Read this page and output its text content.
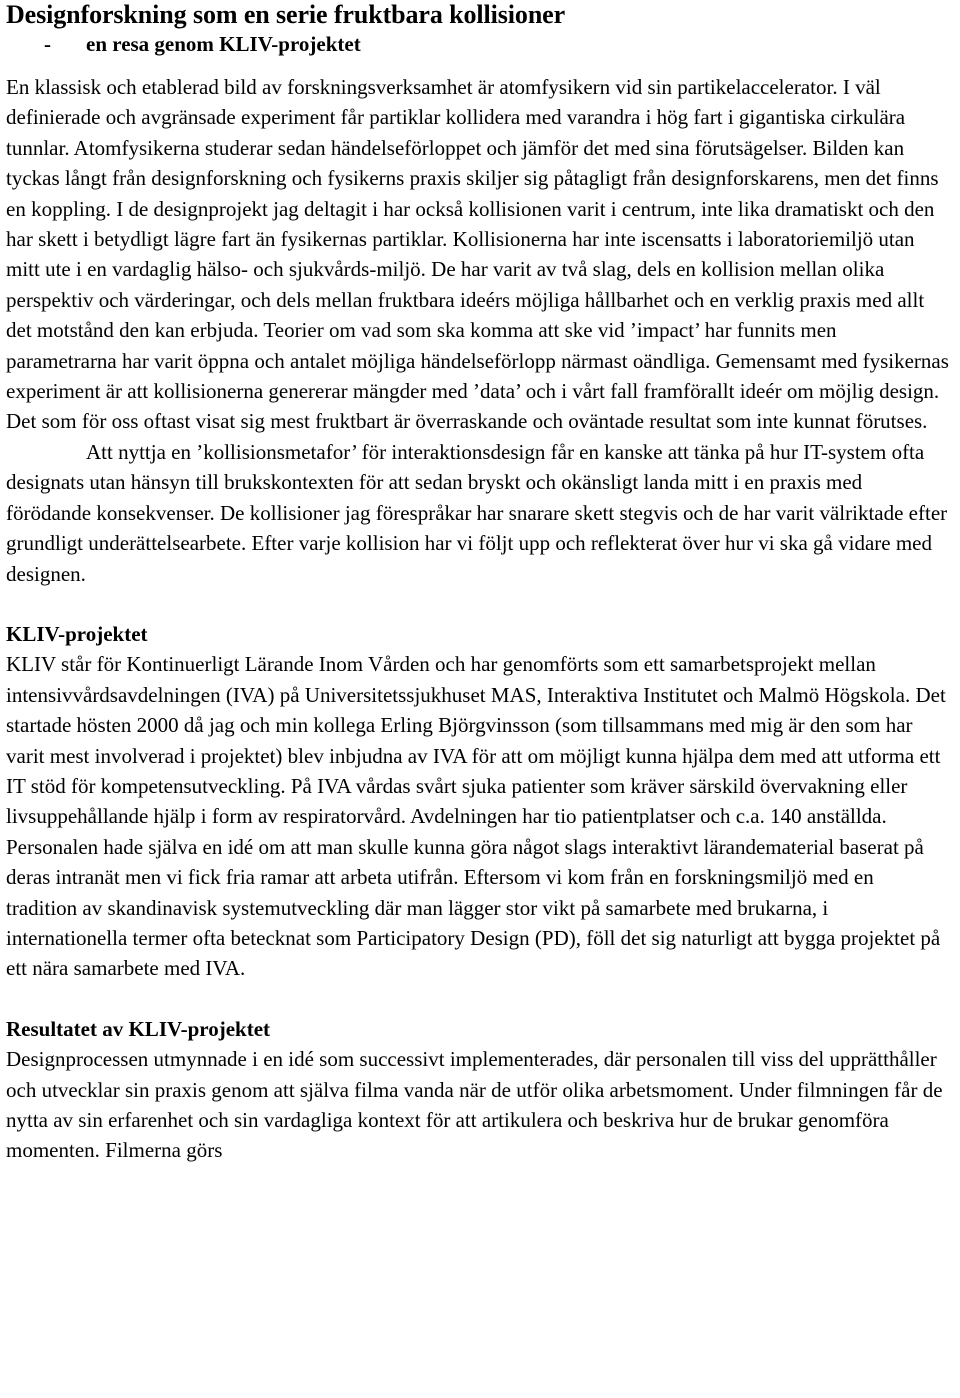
Designforskning som en serie fruktbara kollisioner
- en resa genom KLIV-projektet

En klassisk och etablerad bild av forskningsverksamhet är atomfysikern vid sin partikelaccelerator. I väl definierade och avgränsade experiment får partiklar kollidera med varandra i hög fart i gigantiska cirkulära tunnlar. Atomfysikerna studerar sedan händelseförloppet och jämför det med sina förutsägelser. Bilden kan tyckas långt från designforskning och fysikerns praxis skiljer sig påtagligt från designforskarens, men det finns en koppling. I de designprojekt jag deltagit i har också kollisionen varit i centrum, inte lika dramatiskt och den har skett i betydligt lägre fart än fysikernas partiklar. Kollisionerna har inte iscensatts i laboratoriemiljö utan mitt ute i en vardaglig hälso- och sjukvårds-miljö. De har varit av två slag, dels en kollision mellan olika perspektiv och värderingar, och dels mellan fruktbara ideérs möjliga hållbarhet och en verklig praxis med allt det motstånd den kan erbjuda. Teorier om vad som ska komma att ske vid ’impact’ har funnits men parametrarna har varit öppna och antalet möjliga händelseförlopp närmast oändliga. Gemensamt med fysikernas experiment är att kollisionerna genererar mängder med ’data’ och i vårt fall framförallt ideér om möjlig design. Det som för oss oftast visat sig mest fruktbart är överraskande och oväntade resultat som inte kunnat förutses.

Att nyttja en ’kollisionsmetafor’ för interaktionsdesign får en kanske att tänka på hur IT-system ofta designats utan hänsyn till brukskontexten för att sedan bryskt och okänsligt landa mitt i en praxis med förödande konsekvenser. De kollisioner jag förespråkar har snarare skett stegvis och de har varit välriktade efter grundligt underättelsearbete. Efter varje kollision har vi följt upp och reflekterat över hur vi ska gå vidare med designen.

KLIV-projektet

KLIV står för Kontinuerligt Lärande Inom Vården och har genomförts som ett samarbetsprojekt mellan intensivvårdsavdelningen (IVA) på Universitetssjukhuset MAS, Interaktiva Institutet och Malmö Högskola. Det startade hösten 2000 då jag och min kollega Erling Björgvinsson (som tillsammans med mig är den som har varit mest involverad i projektet) blev inbjudna av IVA för att om möjligt kunna hjälpa dem med att utforma ett IT stöd för kompetensutveckling. På IVA vårdas svårt sjuka patienter som kräver särskild övervakning eller livsuppehållande hjälp i form av respiratorvård. Avdelningen har tio patientplatser och c.a. 140 anställda. Personalen hade själva en idé om att man skulle kunna göra något slags interaktivt lärandematerial baserat på deras intranät men vi fick fria ramar att arbeta utifrån. Eftersom vi kom från en forskningsmiljö med en tradition av skandinavisk systemutveckling där man lägger stor vikt på samarbete med brukarna, i internationella termer ofta betecknat som Participatory Design (PD), föll det sig naturligt att bygga projektet på ett nära samarbete med IVA.

Resultatet av KLIV-projektet

Designprocessen utmynnade i en idé som successivt implementerades, där personalen till viss del upprätthåller och utvecklar sin praxis genom att själva filma vanda när de utför olika arbetsmoment. Under filmningen får de nytta av sin erfarenhet och sin vardagliga kontext för att artikulera och beskriva hur de brukar genomföra momenten. Filmerna görs
